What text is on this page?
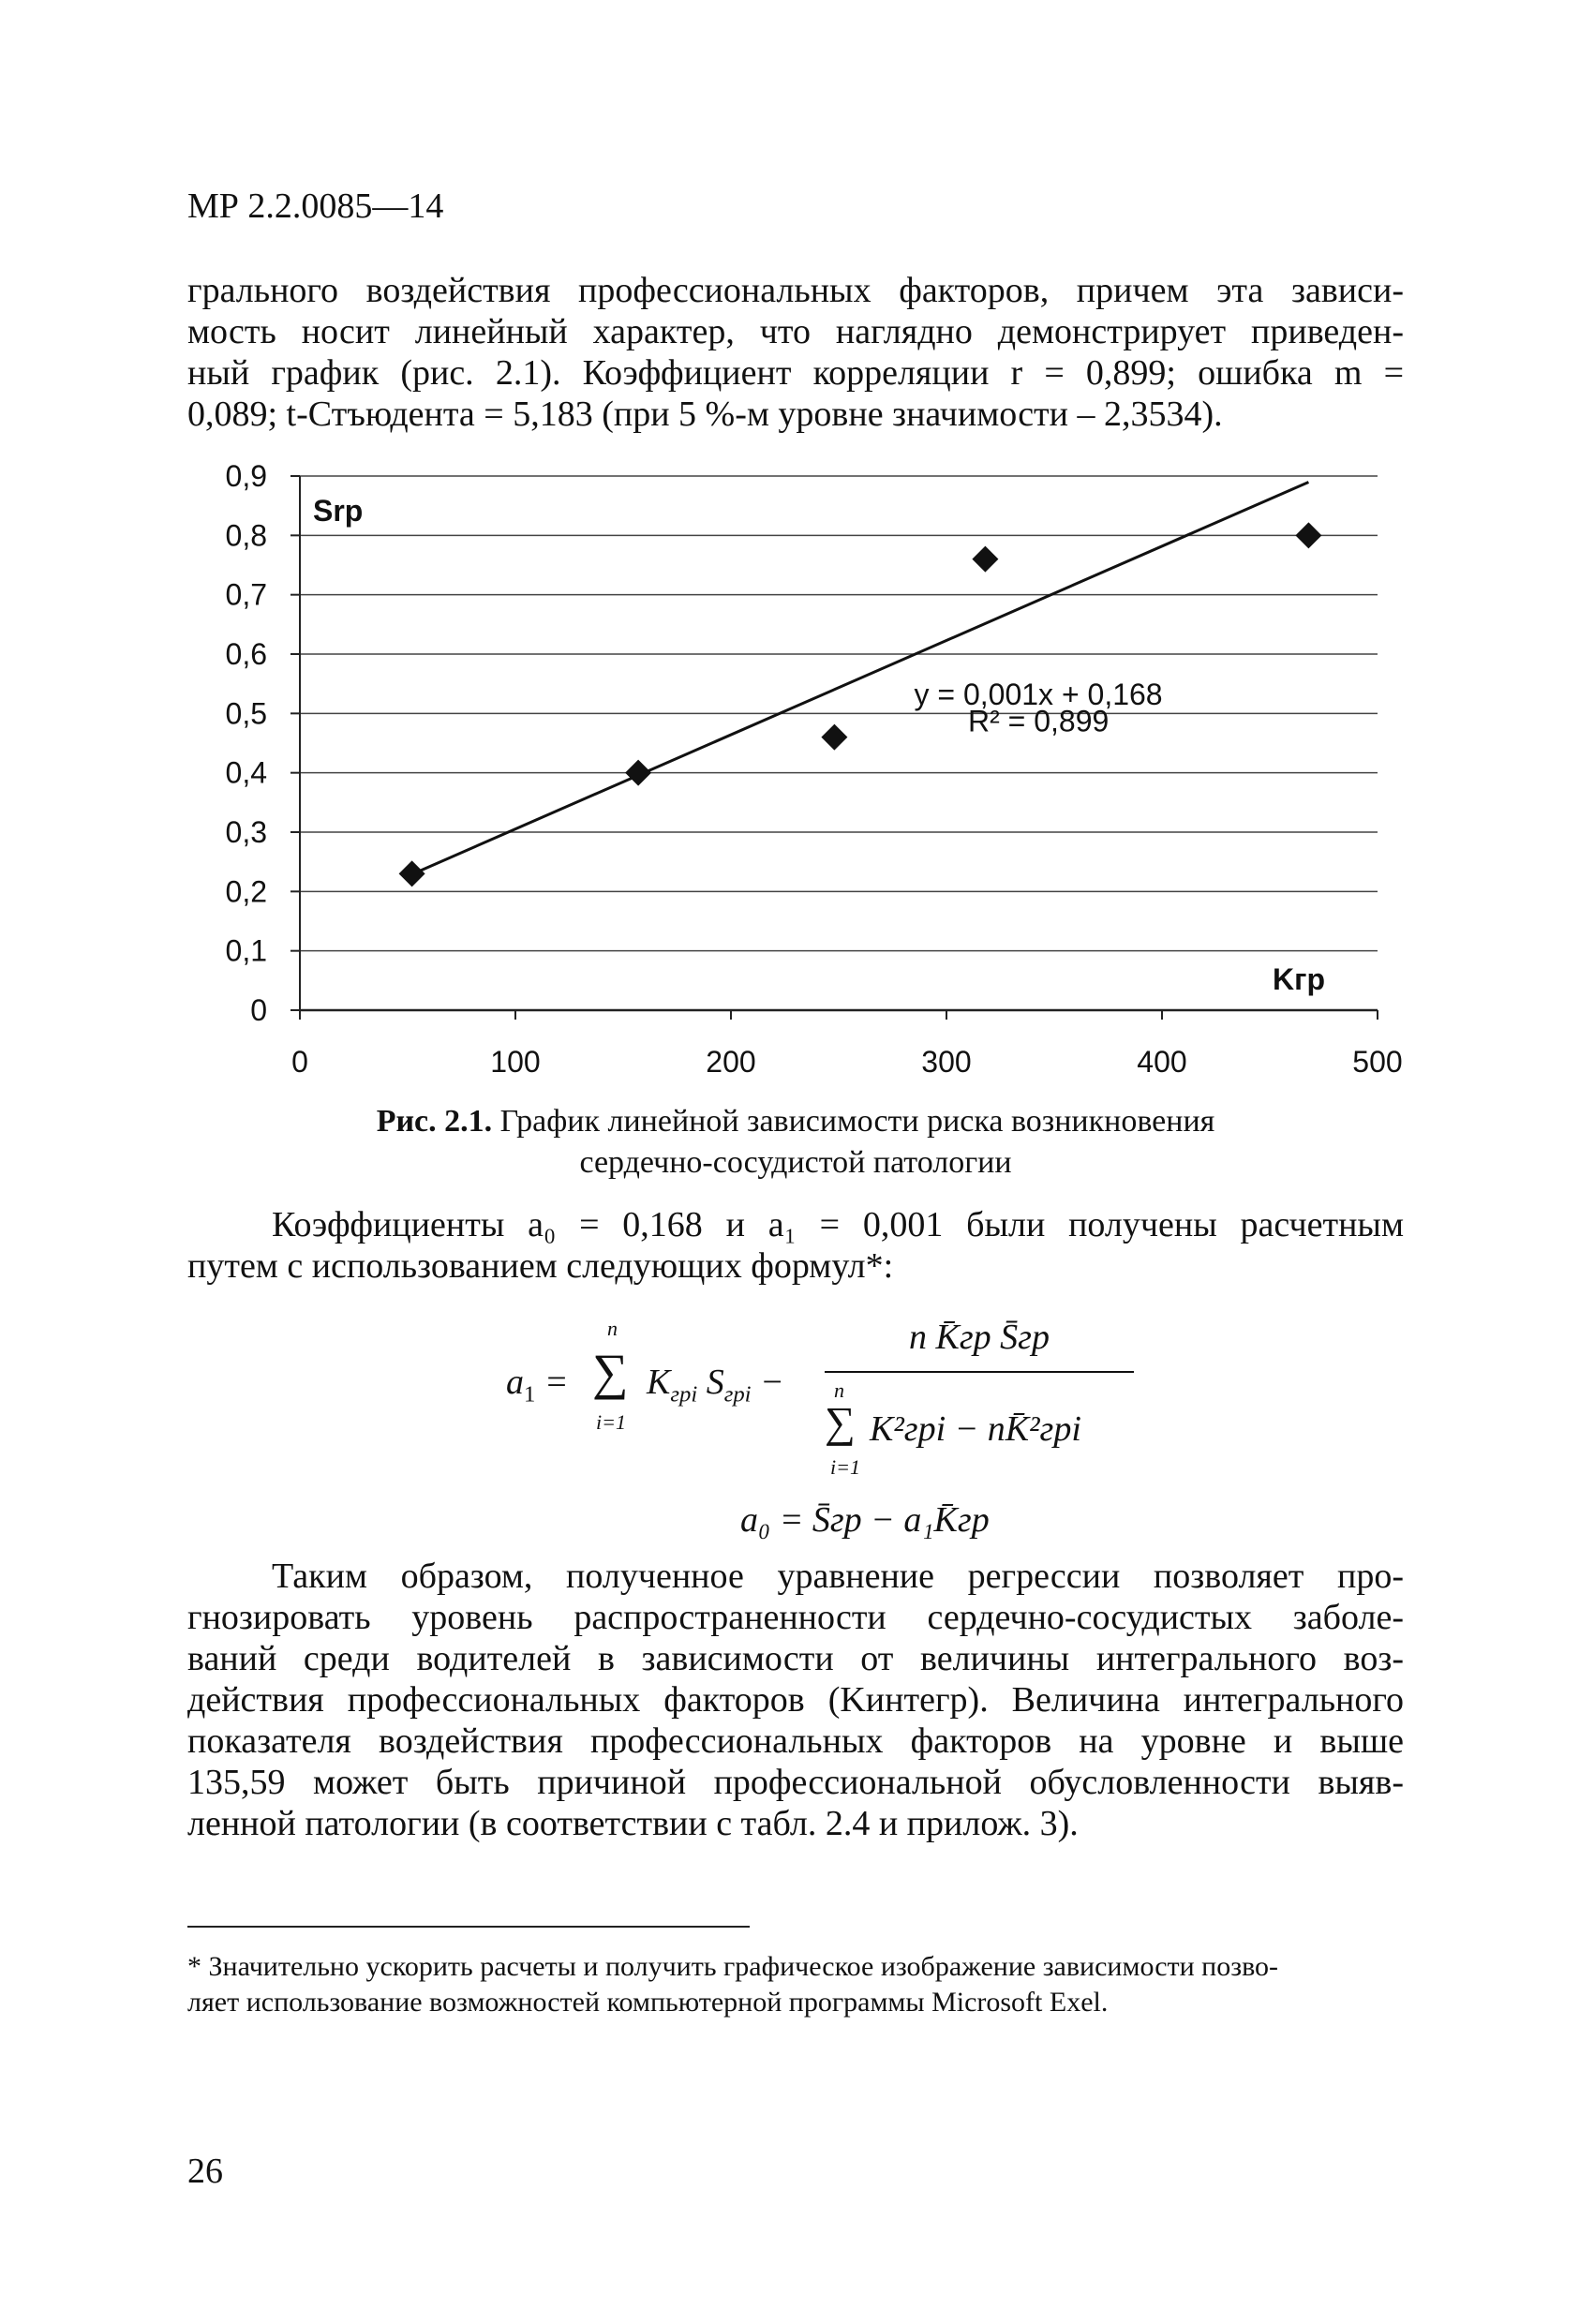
МР 2.2.0085—14
грального воздействия профессиональных факторов, причем эта зависи-
мость носит линейный характер, что наглядно демонстрирует приведен-
ный график (рис. 2.1). Коэффициент корреляции r = 0,899; ошибка m =
0,089; t-Стъюдента = 5,183 (при 5 %-м уровне значимости – 2,3534).
0
0,1
0,2
0,3
0,4
0,5
0,6
0,7
0,8
0,9
0	100	200	300	400	500
Srp
Kгр
y = 0,001x + 0,168
R² = 0,899
Рис. 2.1. График линейной зависимости риска возникновения
сердечно-сосудистой патологии
Коэффициенты a₀ = 0,168 и a₁ = 0,001 были получены расчетным
путем с использованием следующих формул*:
$a_1$ =
n
∑
i=1
$K_{грi}$ $S_{грi}$ −
n K̄гр S̄гр
n
∑
i=1
K²грi − nK̄²грi
a₀ = S̄гр − a₁K̄гр
Таким образом, полученное уравнение регрессии позволяет про-
гнозировать уровень распространенности сердечно-сосудистых заболе-
ваний среди водителей в зависимости от величины интегрального воз-
действия профессиональных факторов (Kинтегр). Величина интегрального
показателя воздействия профессиональных факторов на уровне и выше
135,59 может быть причиной профессиональной обусловленности выяв-
ленной патологии (в соответствии с табл. 2.4 и прилож. 3).
* Значительно ускорить расчеты и получить графическое изображение зависимости позво-
ляет использование возможностей компьютерной программы Microsoft Exel.
26
